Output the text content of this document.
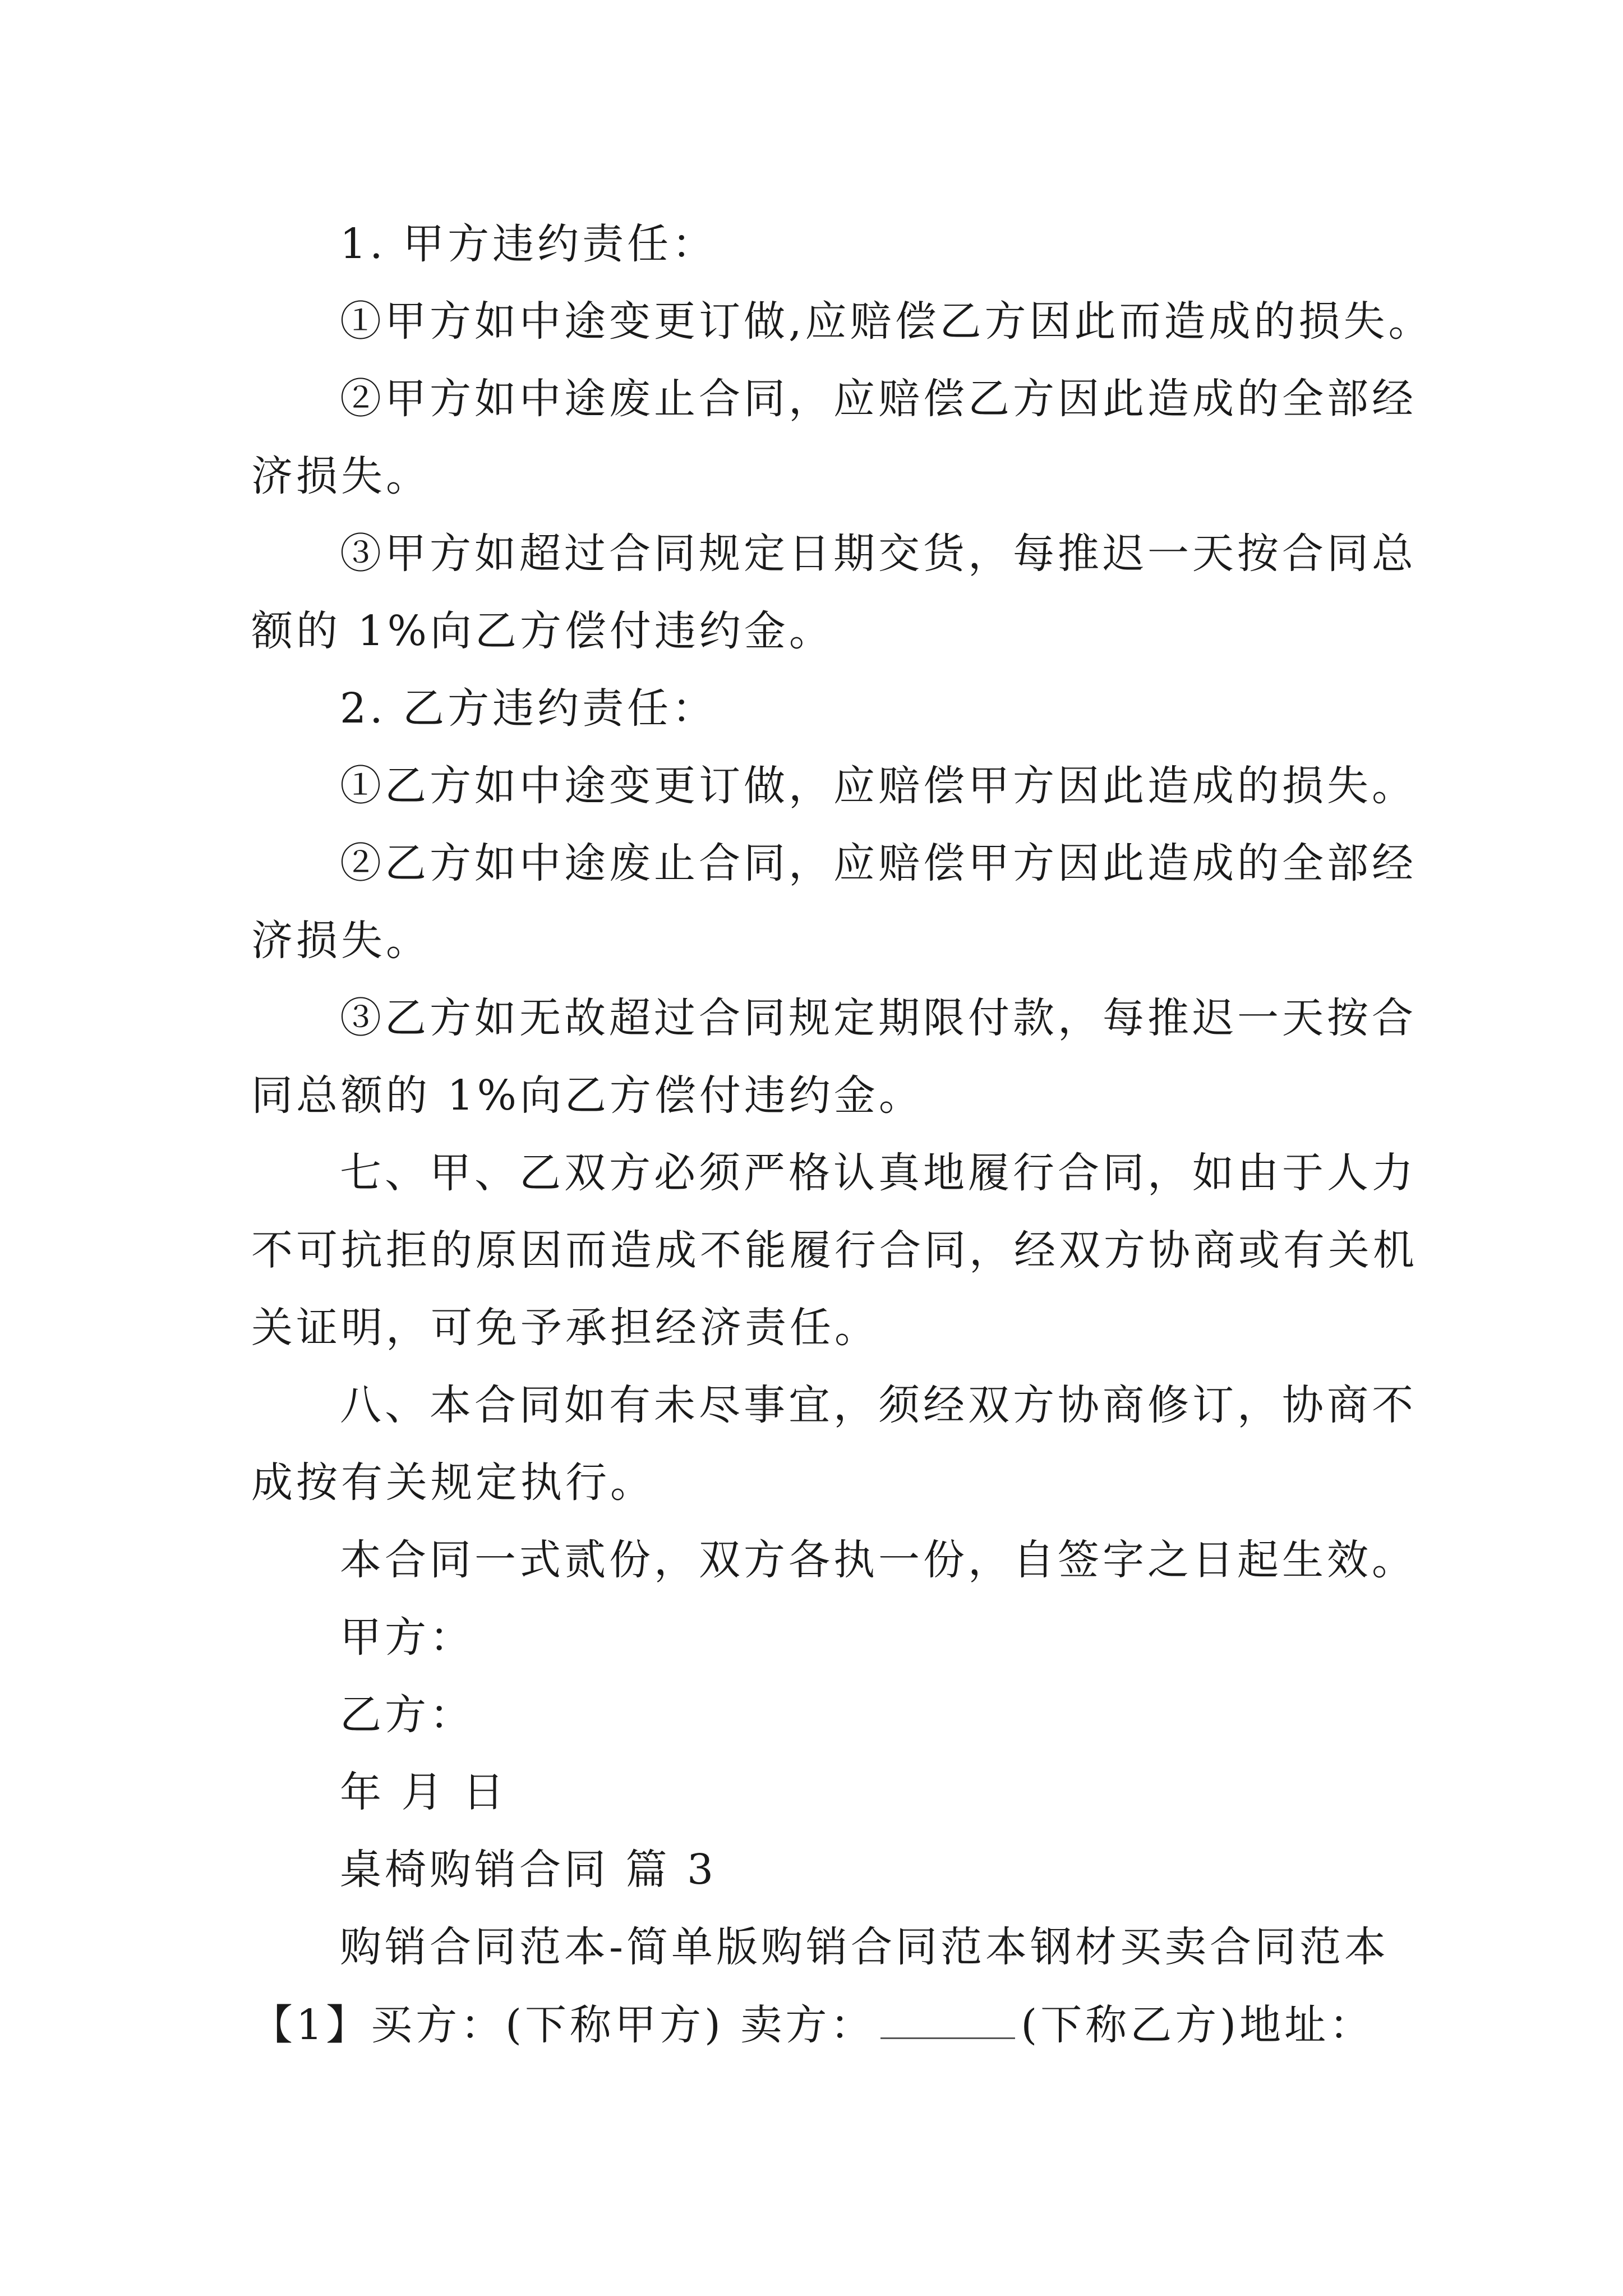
1. 甲方违约责任：

①甲方如中途变更订做,应赔偿乙方因此而造成的损失。

②甲方如中途废止合同，应赔偿乙方因此造成的全部经

济损失。

③甲方如超过合同规定日期交货，每推迟一天按合同总

额的 1%向乙方偿付违约金。

2. 乙方违约责任：

①乙方如中途变更订做，应赔偿甲方因此造成的损失。

②乙方如中途废止合同，应赔偿甲方因此造成的全部经

济损失。

③乙方如无故超过合同规定期限付款，每推迟一天按合

同总额的 1%向乙方偿付违约金。

七、甲、乙双方必须严格认真地履行合同，如由于人力

不可抗拒的原因而造成不能履行合同，经双方协商或有关机

关证明，可免予承担经济责任。

八、本合同如有未尽事宜，须经双方协商修订，协商不

成按有关规定执行。

本合同一式贰份，双方各执一份，自签字之日起生效。

甲方：

乙方：

年 月 日

桌椅购销合同 篇 3

购销合同范本-简单版购销合同范本钢材买卖合同范本

【1】买方：(下称甲方) 卖方：	(下称乙方)地址：
